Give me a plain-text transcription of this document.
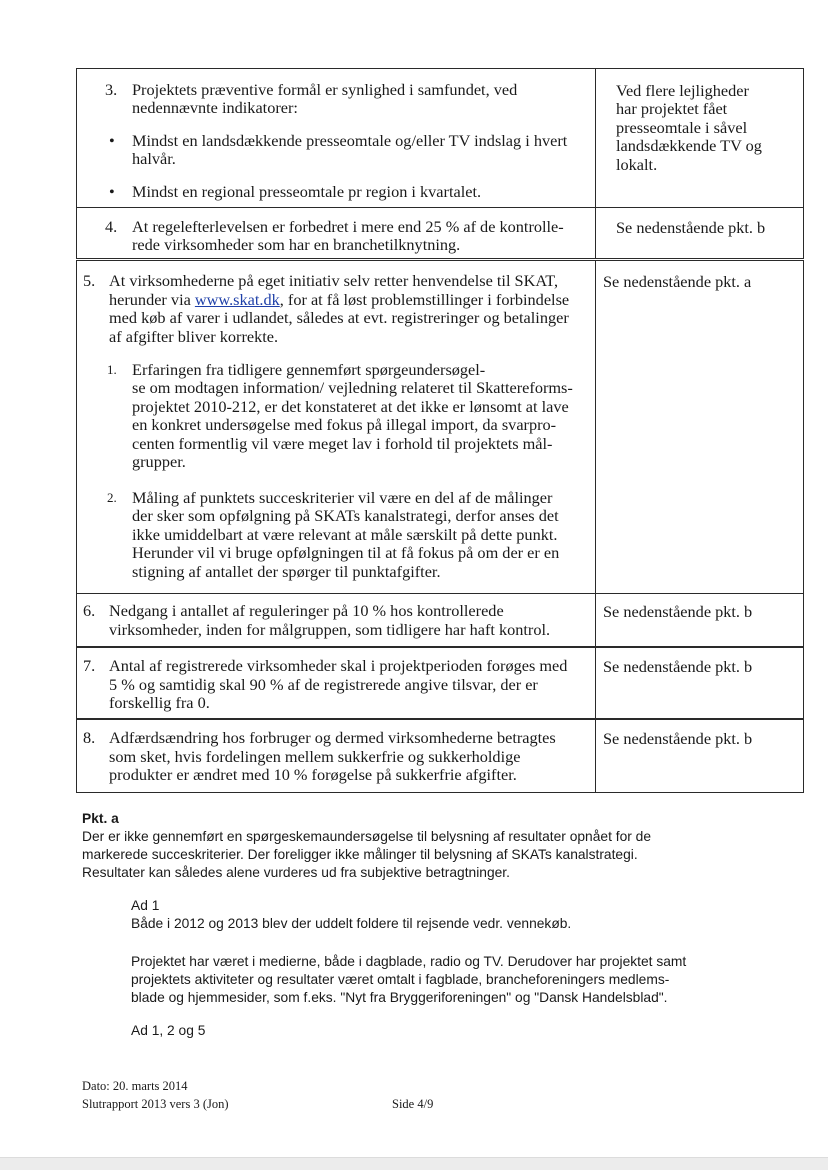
3. Projektets præventive formål er synlighed i samfundet, ved
nedennævnte indikatorer:
• Mindst en landsdækkende presseomtale og/eller TV indslag i hvert
halvår.
• Mindst en regional presseomtale pr region i kvartalet.
Ved flere lejligheder
har projektet fået
presseomtale i såvel
landsdækkende TV og
lokalt.
4. At regelefterlevelsen er forbedret i mere end 25 % af de kontrolle-
rede virksomheder som har en branchetilknytning.
Se nedenstående pkt. b
5. At virksomhederne på eget initiativ selv retter henvendelse til SKAT,
herunder via www.skat.dk, for at få løst problemstillinger i forbindelse
med køb af varer i udlandet, således at evt. registreringer og betalinger
af afgifter bliver korrekte.
1. Erfaringen fra tidligere gennemført spørgeundersøgel-
se om modtagen information/ vejledning relateret til Skattereforms-
projektet 2010-212, er det konstateret at det ikke er lønsomt at lave
en konkret undersøgelse med fokus på illegal import, da svarpro-
centen formentlig vil være meget lav i forhold til projektets mål-
grupper.
2. Måling af punktets succeskriterier vil være en del af de målinger
der sker som opfølgning på SKATs kanalstrategi, derfor anses det
ikke umiddelbart at være relevant at måle særskilt på dette punkt.
Herunder vil vi bruge opfølgningen til at få fokus på om der er en
stigning af antallet der spørger til punktafgifter.
Se nedenstående pkt. a
6. Nedgang i antallet af reguleringer på 10 % hos kontrollerede
virksomheder, inden for målgruppen, som tidligere har haft kontrol.
Se nedenstående pkt. b
7. Antal af registrerede virksomheder skal i projektperioden forøges med
5 % og samtidig skal 90 % af de registrerede angive tilsvar, der er
forskellig fra 0.
Se nedenstående pkt. b
8. Adfærdsændring hos forbruger og dermed virksomhederne betragtes
som sket, hvis fordelingen mellem sukkerfrie og sukkerholdige
produkter er ændret med 10 % forøgelse på sukkerfrie afgifter.
Se nedenstående pkt. b
Pkt. a
Der er ikke gennemført en spørgeskemaundersøgelse til belysning af resultater opnået for de
markerede succeskriterier. Der foreligger ikke målinger til belysning af SKATs kanalstrategi.
Resultater kan således alene vurderes ud fra subjektive betragtninger.
Ad 1
Både i 2012 og 2013 blev der uddelt foldere til rejsende vedr. vennekøb.
Projektet har været i medierne, både i dagblade, radio og TV. Derudover har projektet samt
projektets aktiviteter og resultater været omtalt i fagblade, brancheforeningers medlems-
blade og hjemmesider, som f.eks. "Nyt fra Bryggeriforeningen" og "Dansk Handelsblad".
Ad 1, 2 og 5
Dato: 20. marts 2014
Slutrapport 2013 vers 3 (Jon)	Side 4/9
